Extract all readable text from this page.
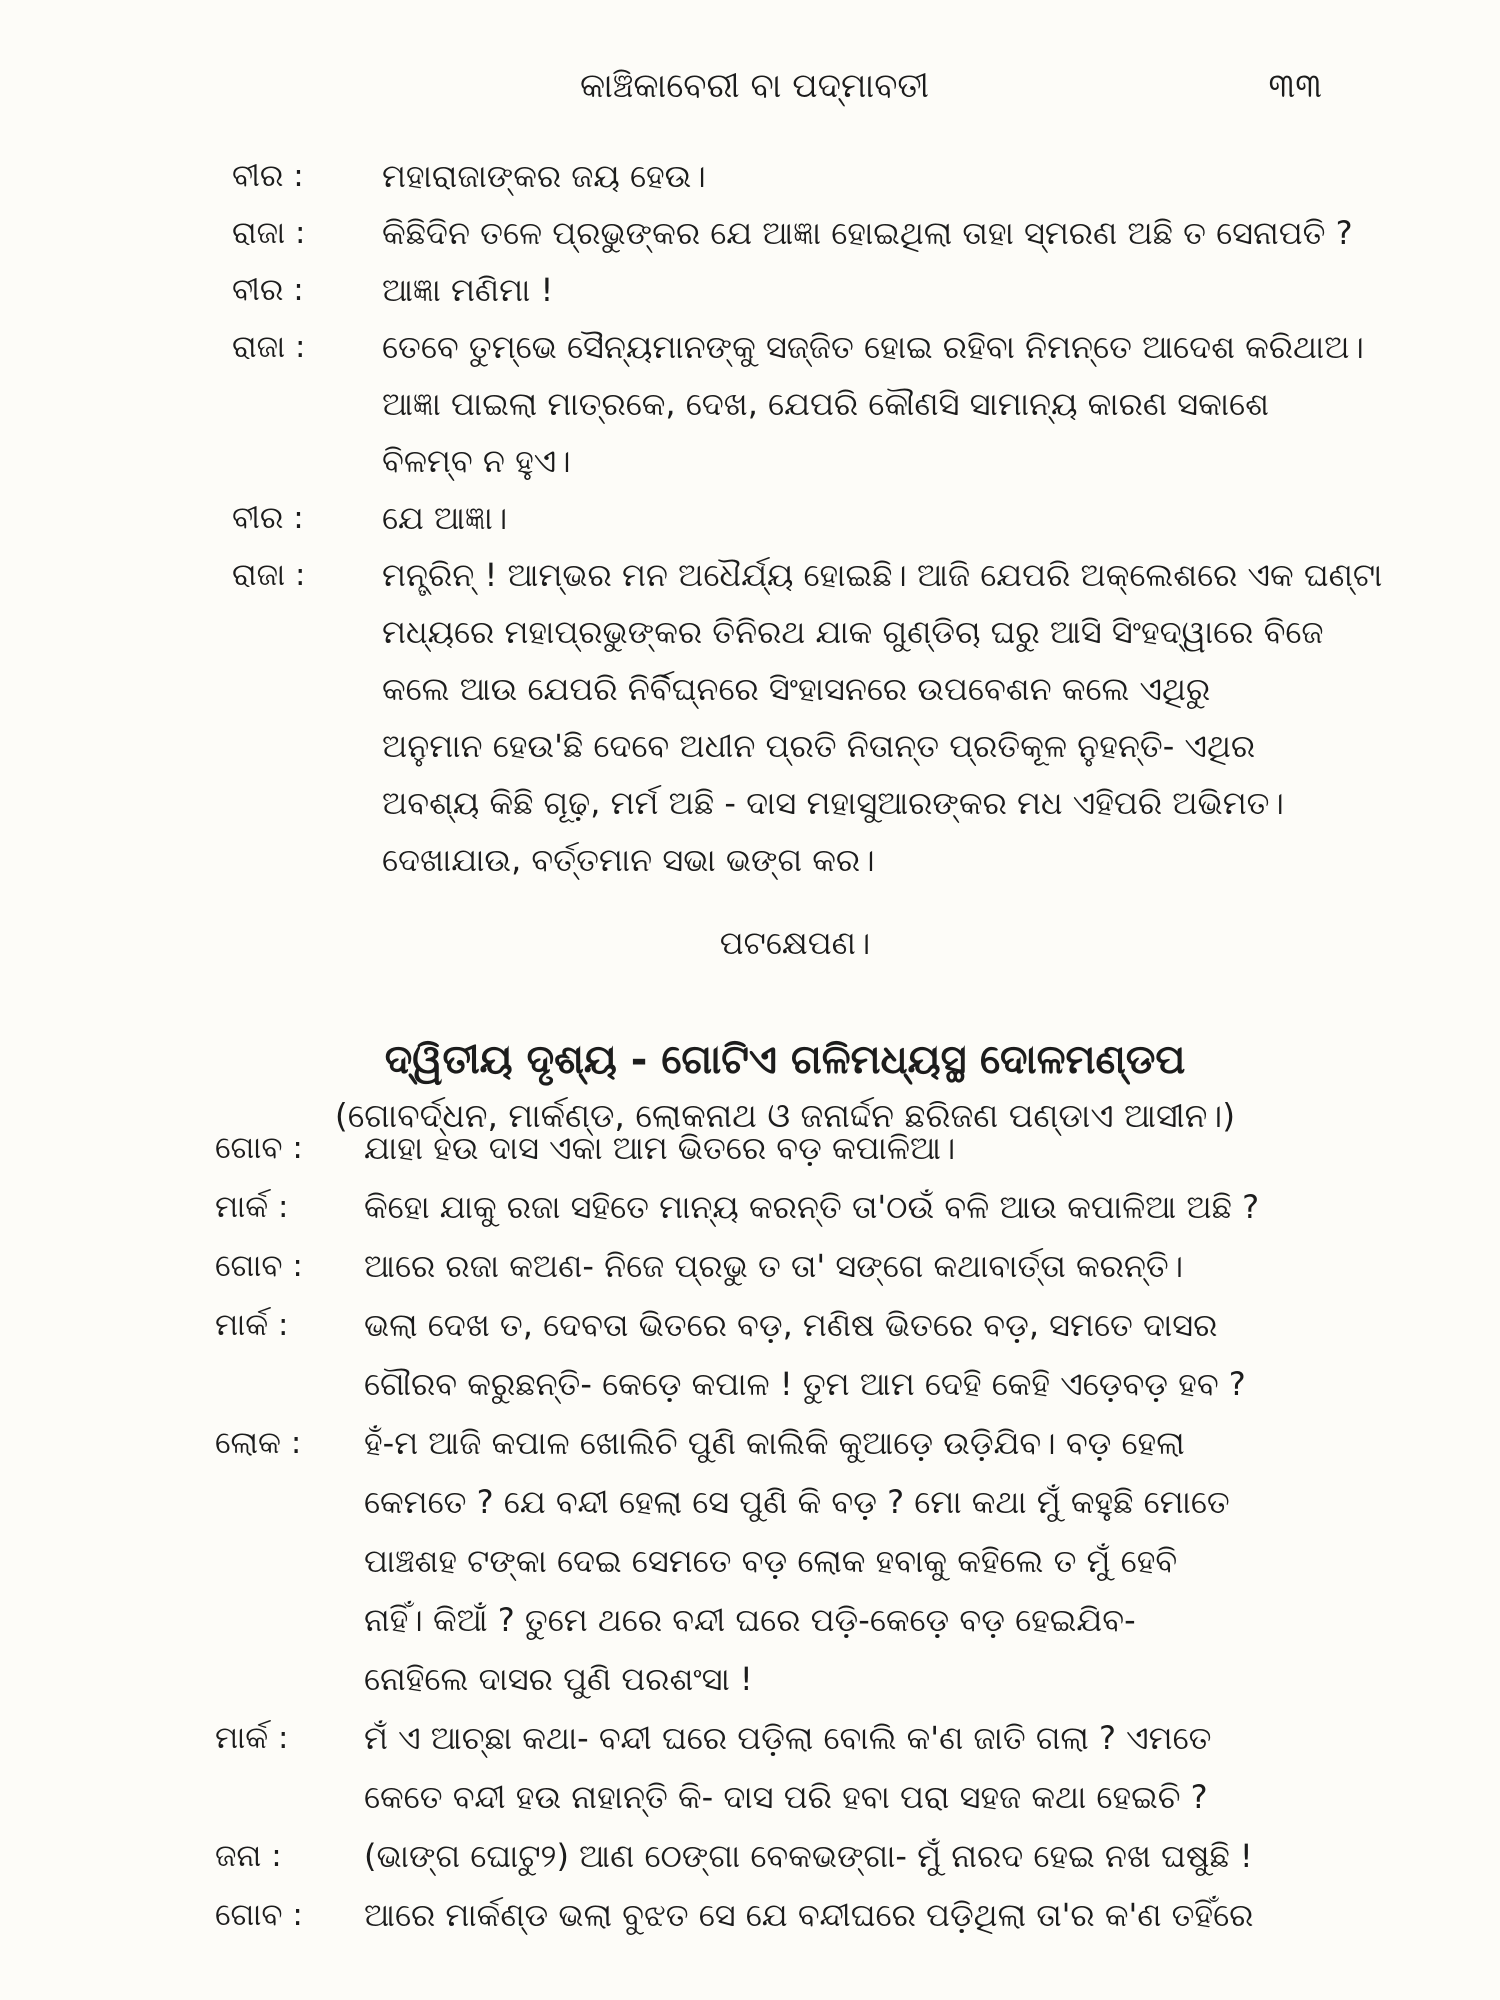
କାଞ୍ଚିକାବେରୀ ବା ପଦ୍ମାବତୀ	୩୩
ବୀର : ମହାରାଜାଙ୍କର ଜୟ ହେଉ।
ରାଜା : କିଛିଦିନ ତଳେ ପ୍ରଭୁଙ୍କର ଯେ ଆଜ୍ଞା ହୋଇଥିଲା ତାହା ସ୍ମରଣ ଅଛି ତ ସେନାପତି ?
ବୀର : ଆଜ୍ଞା ମଣିମା !
ରାଜା : ତେବେ ତୁମ୍ଭେ ସୈନ୍ୟମାନଙ୍କୁ ସଜ୍ଜିତ ହୋଇ ରହିବା ନିମନ୍ତେ ଆଦେଶ କରିଥାଅ।
ଆଜ୍ଞା ପାଇଲା ମାତ୍ରକେ, ଦେଖ, ଯେପରି କୌଣସି ସାମାନ୍ୟ କାରଣ ସକାଶେ
ବିଳମ୍ବ ନ ହୁଏ।
ବୀର : ଯେ ଆଜ୍ଞା।
ରାଜା : ମନ୍ତ୍ରିନ୍ ! ଆମ୍ଭର ମନ ଅଧୈର୍ଯ୍ୟ ହୋଇଛି। ଆଜି ଯେପରି ଅକ୍ଲେଶରେ ଏକ ଘଣ୍ଟା
ମଧ୍ୟରେ ମହାପ୍ରଭୁଙ୍କର ତିନିରଥ ଯାକ ଗୁଣ୍ଡିଚା ଘରୁ ଆସି ସିଂହଦ୍ୱାରେ ବିଜେ
କଲେ ଆଉ ଯେପରି ନିର୍ବିଘ୍ନରେ ସିଂହାସନରେ ଉପବେଶନ କଲେ ଏଥିରୁ
ଅନୁମାନ ହେଉ'ଛି ଦେବେ ଅଧୀନ ପ୍ରତି ନିତାନ୍ତ ପ୍ରତିକୂଳ ନୁହନ୍ତି- ଏଥିର
ଅବଶ୍ୟ କିଛି ଗୂଢ଼, ମର୍ମ ଅଛି - ଦାସ ମହାସୁଆରଙ୍କର ମଧ ଏହିପରି ଅଭିମତ।
ଦେଖାଯାଉ, ବର୍ତ୍ତମାନ ସଭା ଭଙ୍ଗ କର।
ପଟକ୍ଷେପଣ।
ଦ୍ୱିତୀୟ ଦୃଶ୍ୟ - ଗୋଟିଏ ଗଳିମଧ୍ୟସ୍ଥ ଦୋଳମଣ୍ଡପ
(ଗୋବର୍ଦ୍ଧନ, ମାର୍କଣ୍ଡ, ଲୋକନାଥ ଓ ଜନାର୍ଦ୍ଦନ ଛରିଜଣ ପଣ୍ଡାଏ ଆସୀନ।)
ଗୋବ : ଯାହା ହଉ ଦାସ ଏକା ଆମ ଭିତରେ ବଡ଼ କପାଳିଆ।
ମାର୍କ : କିହୋ ଯାକୁ ରଜା ସହିତେ ମାନ୍ୟ କରନ୍ତି ତା'ଠଉଁ ବଳି ଆଉ କପାଳିଆ ଅଛି ?
ଗୋବ : ଆରେ ରଜା କଅଣ- ନିଜେ ପ୍ରଭୁ ତ ତା' ସଙ୍ଗେ କଥାବାର୍ତ୍ତା କରନ୍ତି।
ମାର୍କ : ଭଲା ଦେଖ ତ, ଦେବତା ଭିତରେ ବଡ଼, ମଣିଷ ଭିତରେ ବଡ଼, ସମତେ ଦାସର
ଗୌରବ କରୁଛନ୍ତି- କେଡ଼େ କପାଳ ! ତୁମ ଆମ ଦେହି କେହି ଏଡ଼େବଡ଼ ହବ ?
ଲୋକ : ହଁ-ମ ଆଜି କପାଳ ଖୋଲିଚି ପୁଣି କାଲିକି କୁଆଡ଼େ ଉଡ଼ିଯିବ। ବଡ଼ ହେଲା
କେମତେ ? ଯେ ବନ୍ଦୀ ହେଲା ସେ ପୁଣି କି ବଡ଼ ? ମୋ କଥା ମୁଁ କହୁଛି ମୋତେ
ପାଞ୍ଚଶହ ଟଙ୍କା ଦେଇ ସେମତେ ବଡ଼ ଲୋକ ହବାକୁ କହିଲେ ତ ମୁଁ ହେବି
ନାହିଁ। କିଆଁ ? ତୁମେ ଥରେ ବନ୍ଦୀ ଘରେ ପଡ଼ି-କେଡ଼େ ବଡ଼ ହେଇଯିବ-
ନୋହିଲେ ଦାସର ପୁଣି ପରଶଂସା !
ମାର୍କ : ମଁ ଏ ଆଚ୍ଛା କଥା- ବନ୍ଦୀ ଘରେ ପଡ଼ିଲା ବୋଲି କ'ଣ ଜାତି ଗଲା ? ଏମତେ
କେତେ ବନ୍ଦୀ ହଉ ନାହାନ୍ତି କି- ଦାସ ପରି ହବା ପରା ସହଜ କଥା ହେଇଚି ?
ଜନା :	(ଭାଙ୍ଗ ଘୋଟୁ୨) ଆଣ ଠେଙ୍ଗା ବେକଭଙ୍ଗା- ମୁଁ ନାରଦ ହେଇ ନଖ ଘଷୁଛି !
ଗୋବ : ଆରେ ମାର୍କଣ୍ଡ ଭଲା ବୁଝତ ସେ ଯେ ବନ୍ଦୀଘରେ ପଡ଼ିଥିଲା ତା'ର କ'ଣ ତହିଁରେ
